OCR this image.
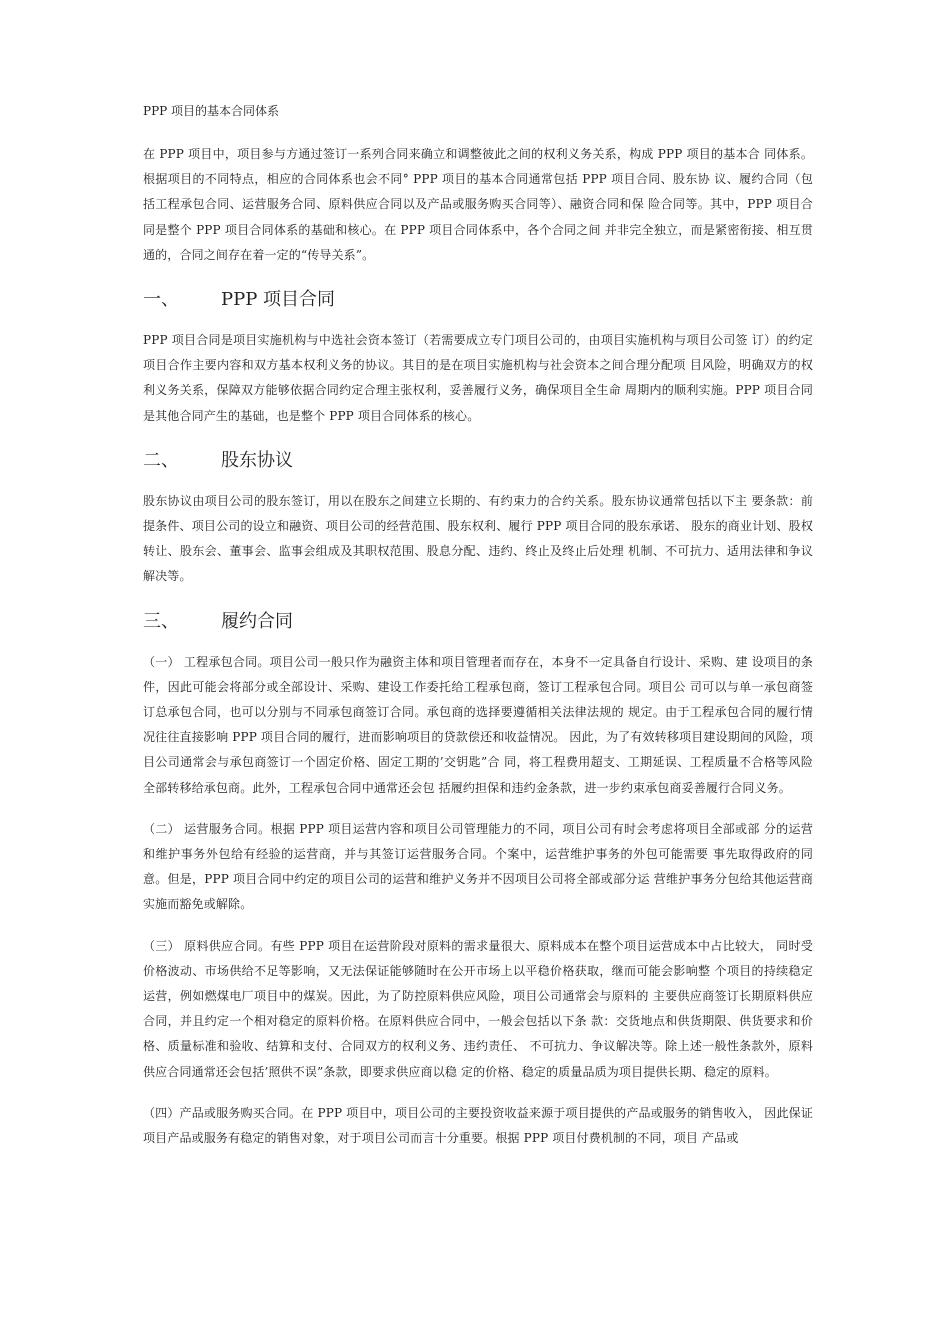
PPP 项目的基本合同体系

在 PPP 项目中，项目参与方通过签订一系列合同来确立和调整彼此之间的权利义务关系，构成 PPP 项目的基本合 同体系。根据项目的不同特点，相应的合同体系也会不同° PPP 项目的基本合同通常包括 PPP 项目合同、股东协 议、履约合同（包括工程承包合同、运营服务合同、原料供应合同以及产品或服务购买合同等）、融资合同和保 险合同等。其中，PPP 项目合同是整个 PPP 项目合同体系的基础和核心。在 PPP 项目合同体系中，各个合同之间 并非完全独立，而是紧密衔接、相互贯通的，合同之间存在着一定的“传导关系”。

一、	PPP 项目合同

PPP 项目合同是项目实施机构与中选社会资本签订（若需要成立专门项目公司的，由项目实施机构与项目公司签 订）的约定项目合作主要内容和双方基本权利义务的协议。其目的是在项目实施机构与社会资本之间合理分配项 目风险，明确双方的权利义务关系，保障双方能够依据合同约定合理主张权利，妥善履行义务，确保项目全生命 周期内的顺利实施。PPP 项目合同是其他合同产生的基础，也是整个 PPP 项目合同体系的核心。

二、	股东协议

股东协议由项目公司的股东签订，用以在股东之间建立长期的、有约束力的合约关系。股东协议通常包括以下主 要条款：前提条件、项目公司的设立和融资、项目公司的经营范围、股东权利、履行 PPP 项目合同的股东承诺、 股东的商业计划、股权转让、股东会、董事会、监事会组成及其职权范围、股息分配、违约、终止及终止后处理 机制、不可抗力、适用法律和争议解决等。

三、	履约合同

（一） 工程承包合同。项目公司一般只作为融资主体和项目管理者而存在，本身不一定具备自行设计、采购、建 设项目的条件，因此可能会将部分或全部设计、采购、建设工作委托给工程承包商，签订工程承包合同。项目公 司可以与单一承包商签订总承包合同，也可以分别与不同承包商签订合同。承包商的选择要遵循相关法律法规的 规定。由于工程承包合同的履行情况往往直接影响 PPP 项目合同的履行，进而影响项目的贷款偿还和收益情况。 因此，为了有效转移项目建设期间的风险，项目公司通常会与承包商签订一个固定价格、固定工期的’交钥匙”合 同，将工程费用超支、工期延误、工程质量不合格等风险全部转移给承包商。此外，工程承包合同中通常还会包 括履约担保和违约金条款，进一步约束承包商妥善履行合同义务。

（二） 运营服务合同。根据 PPP 项目运营内容和项目公司管理能力的不同，项目公司有时会考虑将项目全部或部 分的运营和维护事务外包给有经验的运营商，并与其签订运营服务合同。个案中，运营维护事务的外包可能需要 事先取得政府的同意。但是，PPP 项目合同中约定的项目公司的运营和维护义务并不因项目公司将全部或部分运 营维护事务分包给其他运营商实施而豁免或解除。

（三） 原料供应合同。有些 PPP 项目在运营阶段对原料的需求量很大、原料成本在整个项目运营成本中占比较大， 同时受价格波动、市场供给不足等影响，又无法保证能够随时在公开市场上以平稳价格获取，继而可能会影响整 个项目的持续稳定运营，例如燃煤电厂项目中的煤炭。因此，为了防控原料供应风险，项目公司通常会与原料的 主要供应商签订长期原料供应合同，并且约定一个相对稳定的原料价格。在原料供应合同中，一般会包括以下条 款：交货地点和供货期限、供货要求和价格、质量标准和验收、结算和支付、合同双方的权利义务、违约责任、 不可抗力、争议解决等。除上述一般性条款外，原料供应合同通常还会包括’照供不误”条款，即要求供应商以稳 定的价格、稳定的质量品质为项目提供长期、稳定的原料。

（四）产品或服务购买合同。在 PPP 项目中，项目公司的主要投资收益来源于项目提供的产品或服务的销售收入， 因此保证项目产品或服务有稳定的销售对象，对于项目公司而言十分重要。根据 PPP 项目付费机制的不同，项目 产品或
